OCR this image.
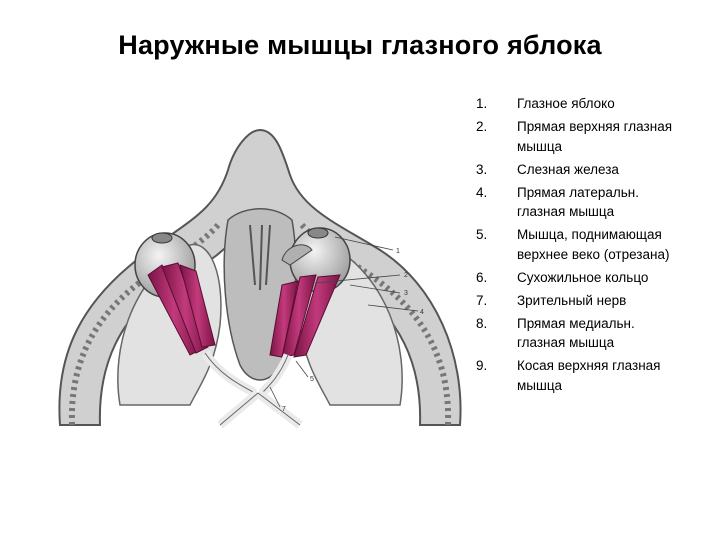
Наружные мышцы глазного яблока
1
2
3
4
5
7
1.	Глазное яблоко
2.	Прямая верхняя глазная мышца
3.	Слезная железа
4.	Прямая латеральн. глазная мышца
5.	Мышца, поднимающая верхнее веко (отрезана)
6.	Сухожильное кольцо
7.	Зрительный нерв
8.	Прямая медиальн. глазная мышца
9.	Косая верхняя глазная мышца
